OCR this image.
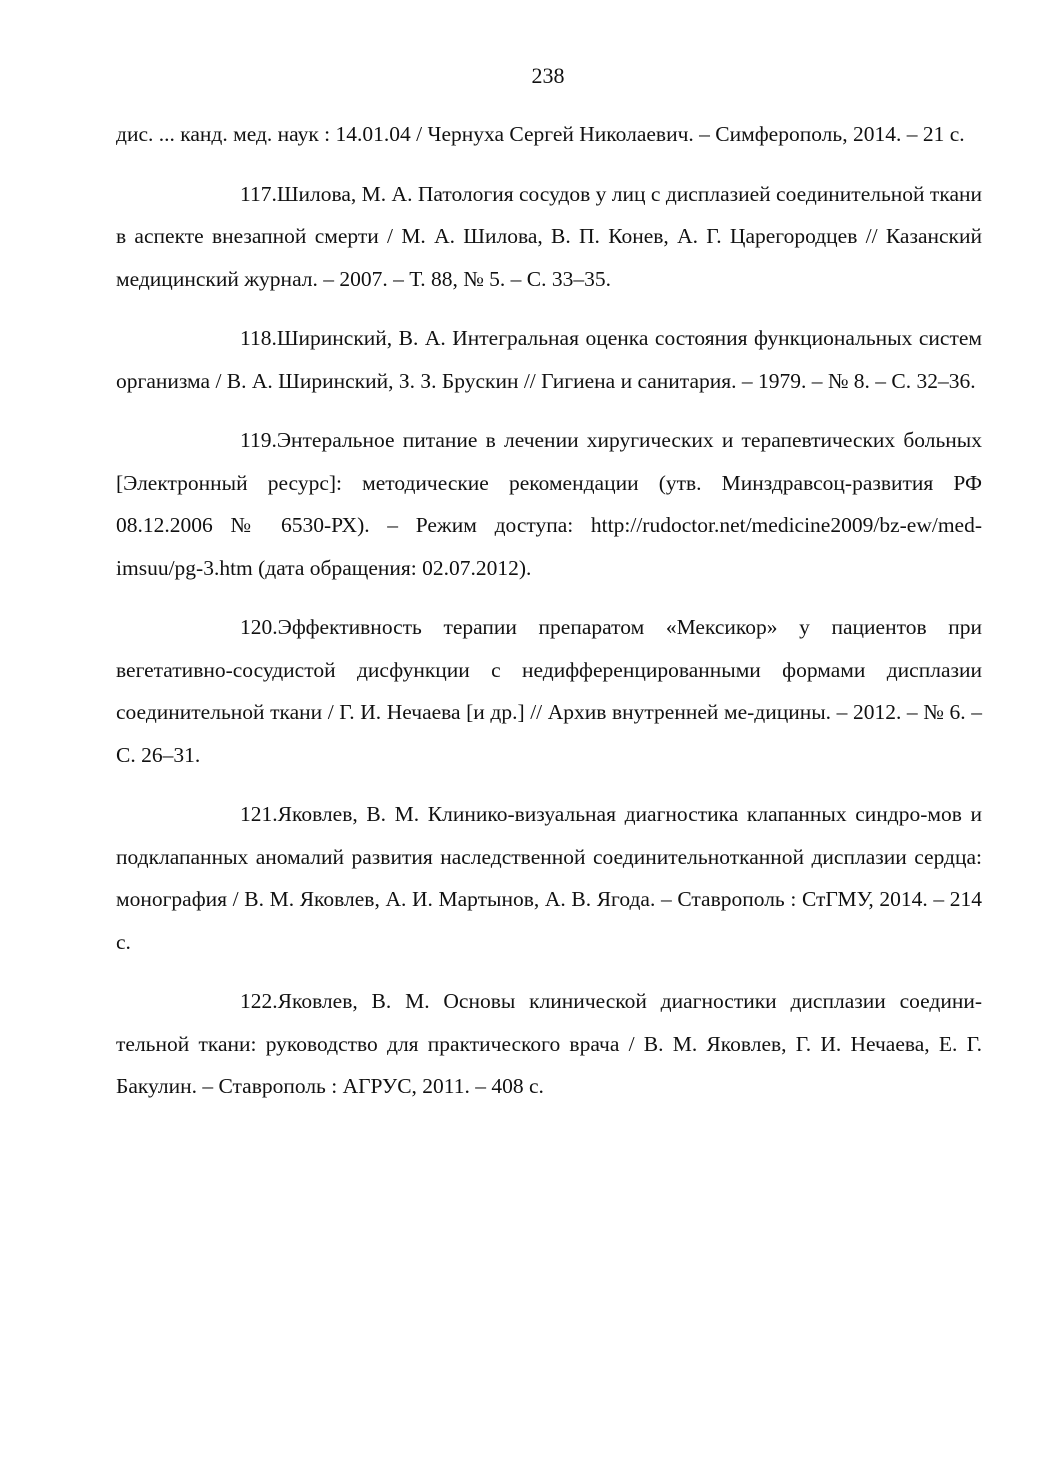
238

дис. ... канд. мед. наук : 14.01.04 / Чернуха Сергей Николаевич. – Симферополь, 2014. – 21 с.

117.Шилова, М. А. Патология сосудов у лиц с дисплазией соединительной ткани в аспекте внезапной смерти / М. А. Шилова, В. П. Конев, А. Г. Царегородцев // Казанский медицинский журнал. – 2007. – Т. 88, № 5. – С. 33–35.

118.Ширинский, В. А. Интегральная оценка состояния функциональных систем организма / В. А. Ширинский, З. З. Брускин // Гигиена и санитария. – 1979. – № 8. – С. 32–36.

119.Энтеральное питание в лечении хиругических и терапевтических больных [Электронный ресурс]: методические рекомендации (утв. Минздравсоц-развития РФ 08.12.2006 № 6530-РХ). – Режим доступа: http://rudoctor.net/medicine2009/bz-ew/med-imsuu/pg-3.htm (дата обращения: 02.07.2012).

120.Эффективность терапии препаратом «Мексикор» у пациентов при вегетативно-сосудистой дисфункции с недифференцированными формами дисплазии соединительной ткани / Г. И. Нечаева [и др.] // Архив внутренней ме-дицины. – 2012. – № 6. – С. 26–31.

121.Яковлев, В. М. Клинико-визуальная диагностика клапанных синдро-мов и подклапанных аномалий развития наследственной соединительнотканной дисплазии сердца: монография / В. М. Яковлев, А. И. Мартынов, А. В. Ягода. – Ставрополь : СтГМУ, 2014. – 214 с.

122.Яковлев, В. М. Основы клинической диагностики дисплазии соедини-тельной ткани: руководство для практического врача / В. М. Яковлев, Г. И. Нечаева, Е. Г. Бакулин. – Ставрополь : АГРУС, 2011. – 408 с.
